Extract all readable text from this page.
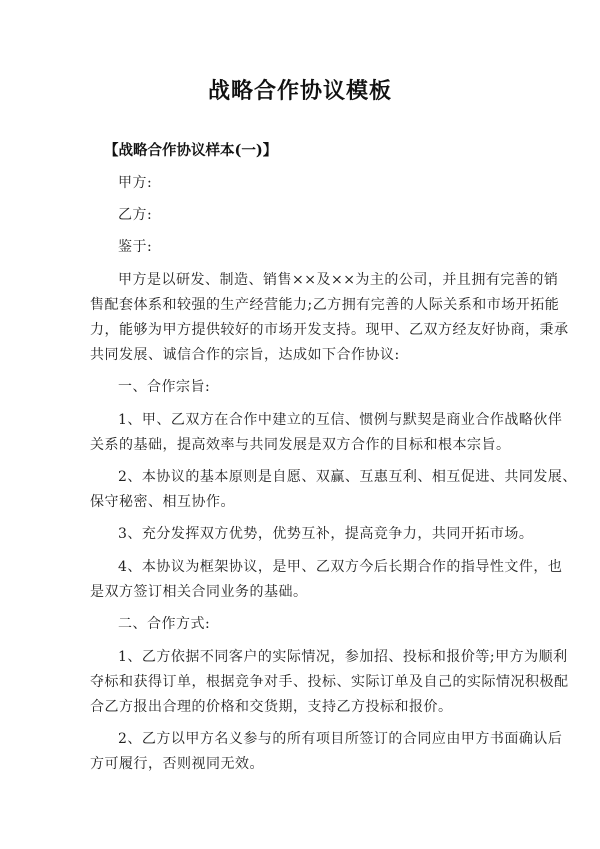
战略合作协议模板
【战略合作协议样本(一)】
甲方:
乙方:
鉴于:
甲方是以研发、制造、销售××及××为主的公司，并且拥有完善的销
售配套体系和较强的生产经营能力;乙方拥有完善的人际关系和市场开拓能
力，能够为甲方提供较好的市场开发支持。现甲、乙双方经友好协商，秉承
共同发展、诚信合作的宗旨，达成如下合作协议:
一、合作宗旨:
1、甲、乙双方在合作中建立的互信、惯例与默契是商业合作战略伙伴
关系的基础，提高效率与共同发展是双方合作的目标和根本宗旨。
2、本协议的基本原则是自愿、双赢、互惠互利、相互促进、共同发展、
保守秘密、相互协作。
3、充分发挥双方优势，优势互补，提高竞争力，共同开拓市场。
4、本协议为框架协议，是甲、乙双方今后长期合作的指导性文件，也
是双方签订相关合同业务的基础。
二、合作方式:
1、乙方依据不同客户的实际情况，参加招、投标和报价等;甲方为顺利
夺标和获得订单，根据竞争对手、投标、实际订单及自己的实际情况积极配
合乙方报出合理的价格和交货期，支持乙方投标和报价。
2、乙方以甲方名义参与的所有项目所签订的合同应由甲方书面确认后
方可履行，否则视同无效。
